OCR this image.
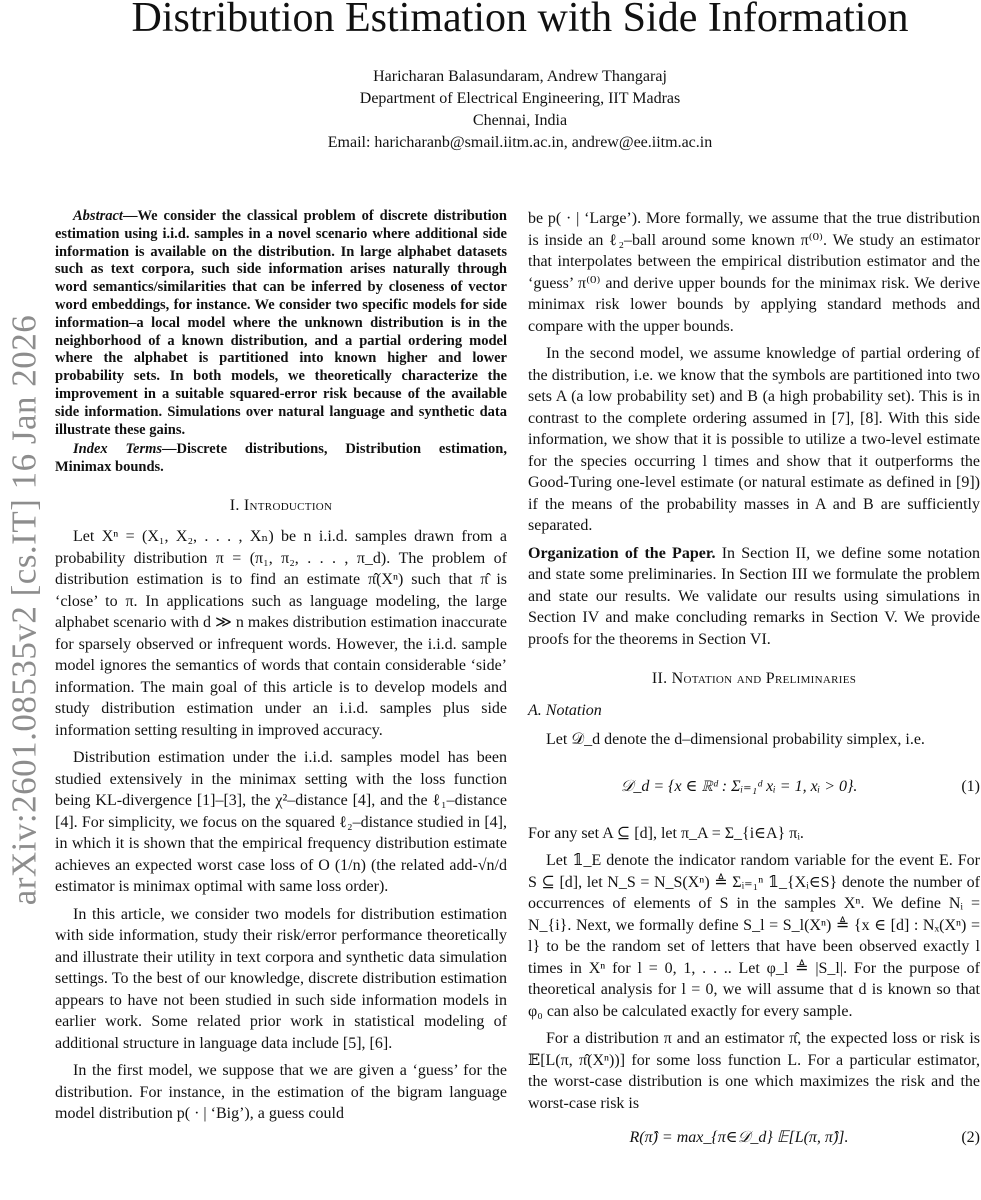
arXiv:2601.08535v2 [cs.IT] 16 Jan 2026
Distribution Estimation with Side Information
Haricharan Balasundaram, Andrew Thangaraj
Department of Electrical Engineering, IIT Madras
Chennai, India
Email: haricharanb@smail.iitm.ac.in, andrew@ee.iitm.ac.in

Abstract—We consider the classical problem of discrete distribution estimation using i.i.d. samples in a novel scenario where additional side information is available on the distribution. In large alphabet datasets such as text corpora, such side information arises naturally through word semantics/similarities that can be inferred by closeness of vector word embeddings, for instance. We consider two specific models for side information–a local model where the unknown distribution is in the neighborhood of a known distribution, and a partial ordering model where the alphabet is partitioned into known higher and lower probability sets. In both models, we theoretically characterize the improvement in a suitable squared-error risk because of the available side information. Simulations over natural language and synthetic data illustrate these gains.

Index Terms—Discrete distributions, Distribution estimation, Minimax bounds.

I. Introduction

Let Xⁿ = (X₁, X₂, . . . , Xₙ) be n i.i.d. samples drawn from a probability distribution π = (π₁, π₂, . . . , π_d). The problem of distribution estimation is to find an estimate π̂(Xⁿ) such that π̂ is ‘close’ to π. In applications such as language modeling, the large alphabet scenario with d ≫ n makes distribution estimation inaccurate for sparsely observed or infrequent words. However, the i.i.d. sample model ignores the semantics of words that contain considerable ‘side’ information. The main goal of this article is to develop models and study distribution estimation under an i.i.d. samples plus side information setting resulting in improved accuracy.

Distribution estimation under the i.i.d. samples model has been studied extensively in the minimax setting with the loss function being KL-divergence [1]–[3], the χ²–distance [4], and the ℓ₁–distance [4]. For simplicity, we focus on the squared ℓ₂–distance studied in [4], in which it is shown that the empirical frequency distribution estimate achieves an expected worst case loss of O (1/n) (the related add-√n/d estimator is minimax optimal with same loss order).

In this article, we consider two models for distribution estimation with side information, study their risk/error performance theoretically and illustrate their utility in text corpora and synthetic data simulation settings. To the best of our knowledge, discrete distribution estimation appears to have not been studied in such side information models in earlier work. Some related prior work in statistical modeling of additional structure in language data include [5], [6].

In the first model, we suppose that we are given a ‘guess’ for the distribution. For instance, in the estimation of the bigram language model distribution p( · | ‘Big’), a guess could

be p( · | ‘Large’). More formally, we assume that the true distribution is inside an ℓ₂–ball around some known π⁽⁰⁾. We study an estimator that interpolates between the empirical distribution estimator and the ‘guess’ π⁽⁰⁾ and derive upper bounds for the minimax risk. We derive minimax risk lower bounds by applying standard methods and compare with the upper bounds.

In the second model, we assume knowledge of partial ordering of the distribution, i.e. we know that the symbols are partitioned into two sets A (a low probability set) and B (a high probability set). This is in contrast to the complete ordering assumed in [7], [8]. With this side information, we show that it is possible to utilize a two-level estimate for the species occurring l times and show that it outperforms the Good-Turing one-level estimate (or natural estimate as defined in [9]) if the means of the probability masses in A and B are sufficiently separated.

Organization of the Paper. In Section II, we define some notation and state some preliminaries. In Section III we formulate the problem and state our results. We validate our results using simulations in Section IV and make concluding remarks in Section V. We provide proofs for the theorems in Section VI.

II. Notation and Preliminaries
A. Notation

Let 𝒟_d denote the d–dimensional probability simplex, i.e.

𝒟_d = {x ∈ ℝᵈ : Σᵢ₌₁ᵈ xᵢ = 1, xᵢ > 0}.	(1)

For any set A ⊆ [d], let π_A = Σ_{i∈A} πᵢ.

Let 𝟙_E denote the indicator random variable for the event E. For S ⊆ [d], let N_S = N_S(Xⁿ) ≜ Σᵢ₌₁ⁿ 𝟙_{Xᵢ∈S} denote the number of occurrences of elements of S in the samples Xⁿ. We define Nᵢ = N_{i}. Next, we formally define S_l = S_l(Xⁿ) ≜ {x ∈ [d] : Nₓ(Xⁿ) = l} to be the random set of letters that have been observed exactly l times in Xⁿ for l = 0, 1, . . .. Let φ_l ≜ |S_l|. For the purpose of theoretical analysis for l = 0, we will assume that d is known so that φ₀ can also be calculated exactly for every sample.

For a distribution π and an estimator π̂, the expected loss or risk is 𝔼[L(π, π̂(Xⁿ))] for some loss function L. For a particular estimator, the worst-case distribution is one which maximizes the risk and the worst-case risk is

R(π̂) = max_{π∈𝒟_d} 𝔼[L(π, π̂)].	(2)
